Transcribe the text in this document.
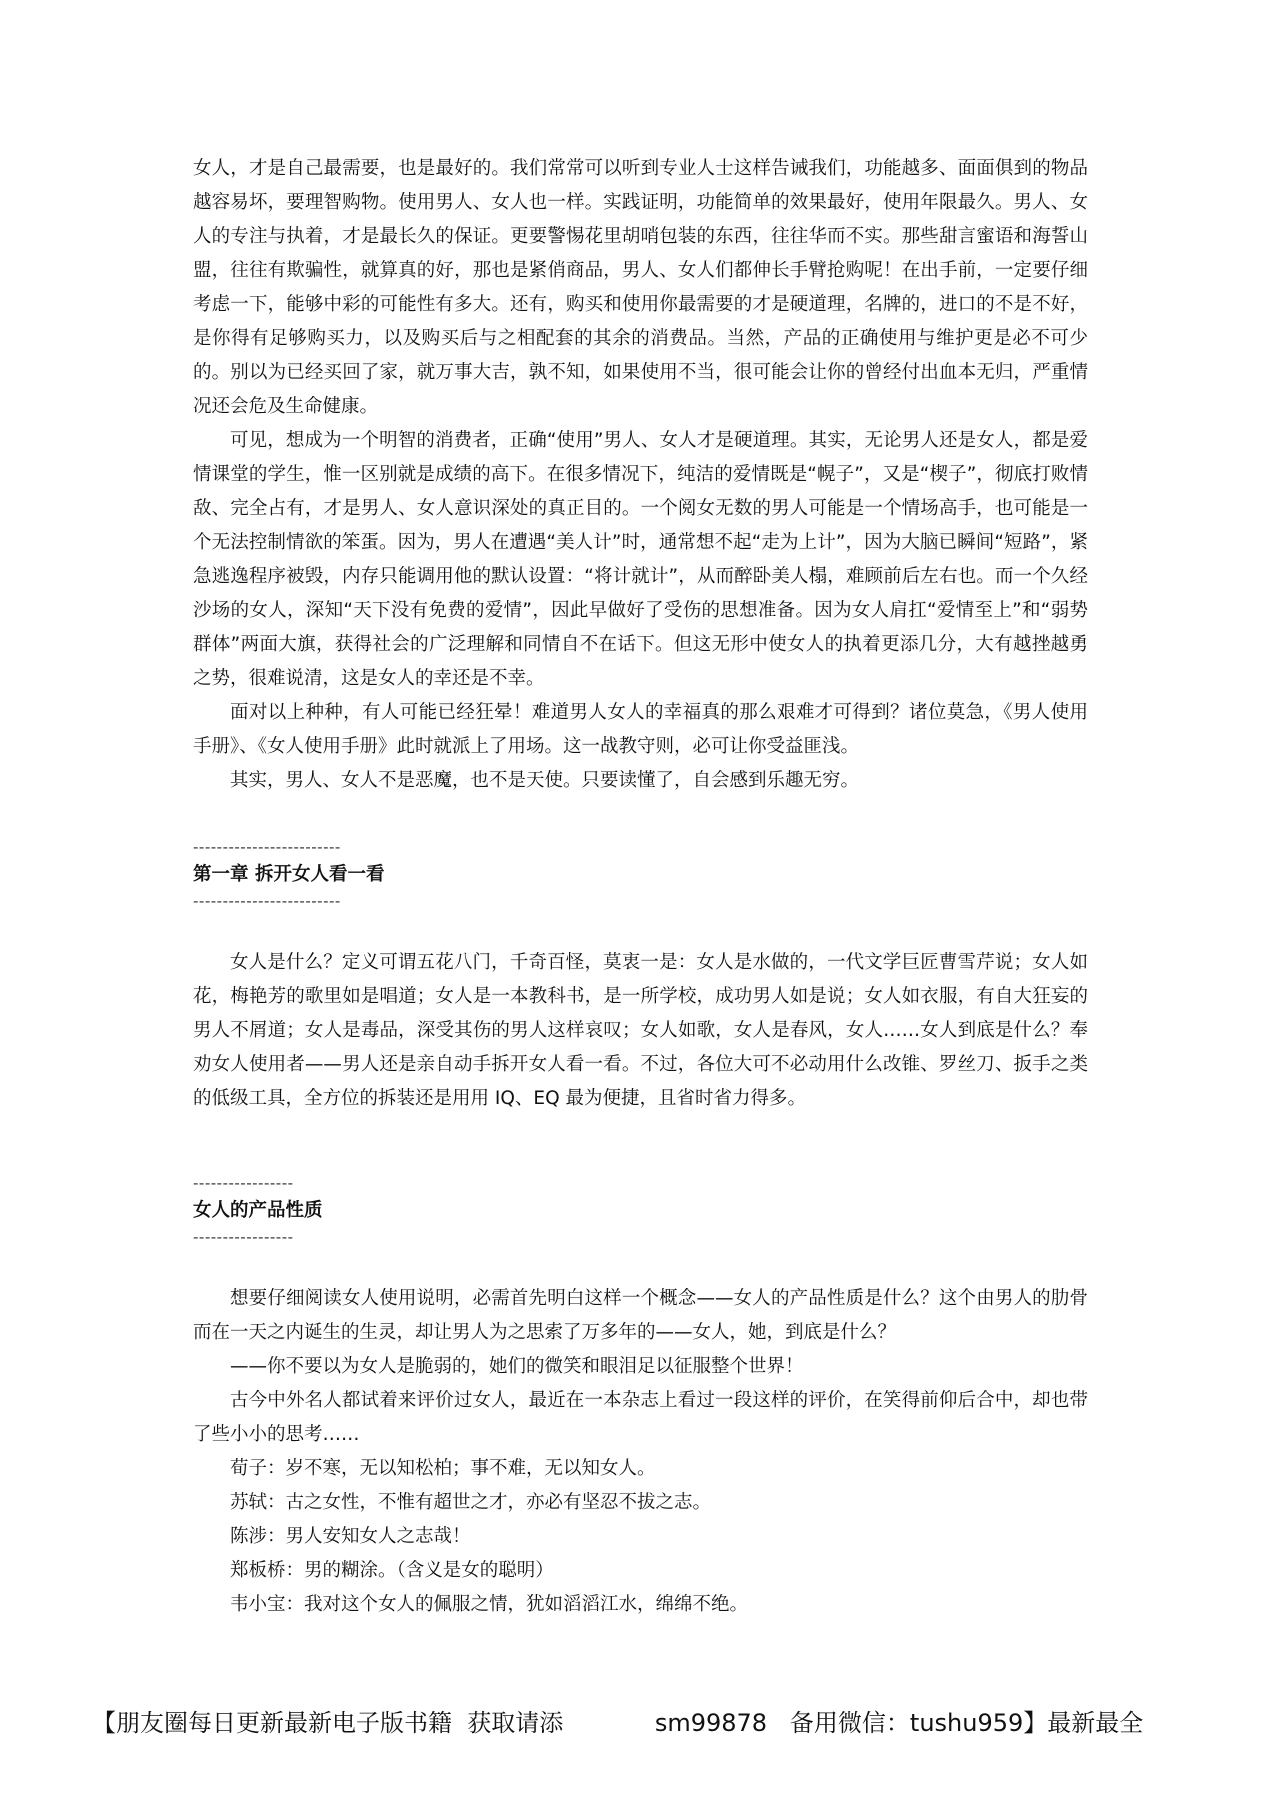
女人，才是自己最需要，也是最好的。我们常常可以听到专业人士这样告诫我们，功能越多、面面俱到的物品越容易坏，要理智购物。使用男人、女人也一样。实践证明，功能简单的效果最好，使用年限最久。男人、女人的专注与执着，才是最长久的保证。更要警惕花里胡哨包装的东西，往往华而不实。那些甜言蜜语和海誓山盟，往往有欺骗性，就算真的好，那也是紧俏商品，男人、女人们都伸长手臂抢购呢！在出手前，一定要仔细考虑一下，能够中彩的可能性有多大。还有，购买和使用你最需要的才是硬道理，名牌的，进口的不是不好，是你得有足够购买力，以及购买后与之相配套的其余的消费品。当然，产品的正确使用与维护更是必不可少的。别以为已经买回了家，就万事大吉，孰不知，如果使用不当，很可能会让你的曾经付出血本无归，严重情况还会危及生命健康。

可见，想成为一个明智的消费者，正确“使用”男人、女人才是硬道理。其实，无论男人还是女人，都是爱情课堂的学生，惟一区别就是成绩的高下。在很多情况下，纯洁的爱情既是“幌子”，又是“楔子”，彻底打败情敌、完全占有，才是男人、女人意识深处的真正目的。一个阅女无数的男人可能是一个情场高手，也可能是一个无法控制情欲的笨蛋。因为，男人在遭遇“美人计”时，通常想不起“走为上计”，因为大脑已瞬间“短路”，紧急逃逸程序被毁，内存只能调用他的默认设置：“将计就计”，从而醉卧美人榻，难顾前后左右也。而一个久经沙场的女人，深知“天下没有免费的爱情”，因此早做好了受伤的思想准备。因为女人肩扛“爱情至上”和“弱势群体”两面大旗，获得社会的广泛理解和同情自不在话下。但这无形中使女人的执着更添几分，大有越挫越勇之势，很难说清，这是女人的幸还是不幸。

面对以上种种，有人可能已经狂晕！难道男人女人的幸福真的那么艰难才可得到？诸位莫急，《男人使用手册》、《女人使用手册》此时就派上了用场。这一战教守则，必可让你受益匪浅。

其实，男人、女人不是恶魔，也不是天使。只要读懂了，自会感到乐趣无穷。

-------------------------
第一章 拆开女人看一看
-------------------------

女人是什么？定义可谓五花八门，千奇百怪，莫衷一是：女人是水做的，一代文学巨匠曹雪芹说；女人如花，梅艳芳的歌里如是唱道；女人是一本教科书，是一所学校，成功男人如是说；女人如衣服，有自大狂妄的男人不屑道；女人是毒品，深受其伤的男人这样哀叹；女人如歌，女人是春风，女人……女人到底是什么？奉劝女人使用者——男人还是亲自动手拆开女人看一看。不过，各位大可不必动用什么改锥、罗丝刀、扳手之类的低级工具，全方位的拆装还是用用 IQ、EQ 最为便捷，且省时省力得多。

-----------------
女人的产品性质
-----------------

想要仔细阅读女人使用说明，必需首先明白这样一个概念——女人的产品性质是什么？这个由男人的肋骨而在一天之内诞生的生灵，却让男人为之思索了万多年的——女人，她，到底是什么？

——你不要以为女人是脆弱的，她们的微笑和眼泪足以征服整个世界！

古今中外名人都试着来评价过女人，最近在一本杂志上看过一段这样的评价，在笑得前仰后合中，却也带了些小小的思考……

荀子：岁不寒，无以知松柏；事不难，无以知女人。

苏轼：古之女性，不惟有超世之才，亦必有坚忍不拔之志。

陈涉：男人安知女人之志哉！

郑板桥：男的糊涂。（含义是女的聪明）

韦小宝：我对这个女人的佩服之情，犹如滔滔江水，绵绵不绝。

【朋友圈每日更新最新电子版书籍  获取请添	sm99878   备用微信：tushu959】最新最全
